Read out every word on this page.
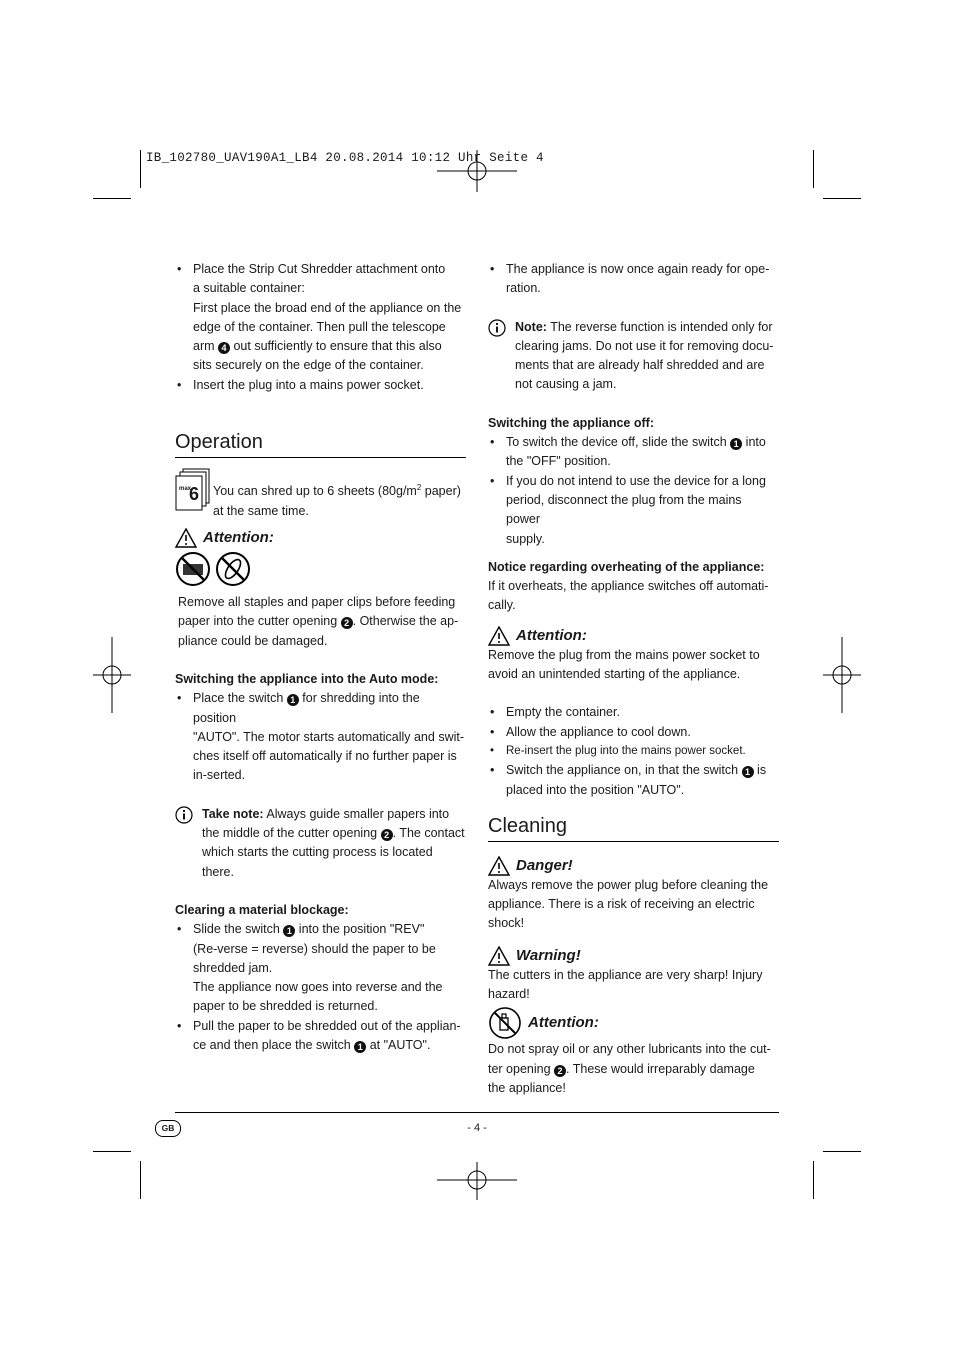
IB_102780_UAV190A1_LB4 20.08.2014 10:12 Uhr Seite 4

• Place the Strip Cut Shredder attachment onto
a suitable container:
First place the broad end of the appliance on the
edge of the container. Then pull the telescope
arm 4 out sufficiently to ensure that this also
sits securely on the edge of the container.

• Insert the plug into a mains power socket.

Operation
max.
6 You can shred up to 6 sheets ($80g/m^2$ paper)
at the same time.

Attention:

Remove all staples and paper clips before feeding
paper into the cutter opening 2 . Otherwise the ap-
pliance could be damaged.

Switching the appliance into the Auto mode:

• Place the switch 1 for shredding into the position
"AUTO". The motor starts automatically and swit-
ches itself off automatically if no further paper is
in-serted.

Take note: Always guide smaller papers into
the middle of the cutter opening 2 . The contact
which starts the cutting process is located there.

Clearing a material blockage:

• Slide the switch 1 into the position "REV"
(Re-verse = reverse) should the paper to be
shredded jam.
The appliance now goes into reverse and the
paper to be shredded is returned.

• Pull the paper to be shredded out of the applian-
ce and then place the switch 1 at "AUTO".

• The appliance is now once again ready for ope-
ration.

Note: The reverse function is intended only for
clearing jams. Do not use it for removing docu-
ments that are already half shredded and are
not causing a jam.

Switching the appliance off:

• To switch the device off, slide the switch 1 into
the "OFF" position.

• If you do not intend to use the device for a long
period, disconnect the plug from the mains power
supply.

Notice regarding overheating of the appliance:

If it overheats, the appliance switches off automati-
cally.

Attention:

Remove the plug from the mains power socket to
avoid an unintended starting of the appliance.

• Empty the container.

• Allow the appliance to cool down.

• Re-insert the plug into the mains power socket.

• Switch the appliance on, in that the switch 1 is
placed into the position "AUTO".

Cleaning
Danger!

Always remove the power plug before cleaning the
appliance. There is a risk of receiving an electric
shock!

Warning!

The cutters in the appliance are very sharp! Injury
hazard!

Attention:

Do not spray oil or any other lubricants into the cut-
ter opening 2 . These would irreparably damage
the appliance!

GB	- 4 -
